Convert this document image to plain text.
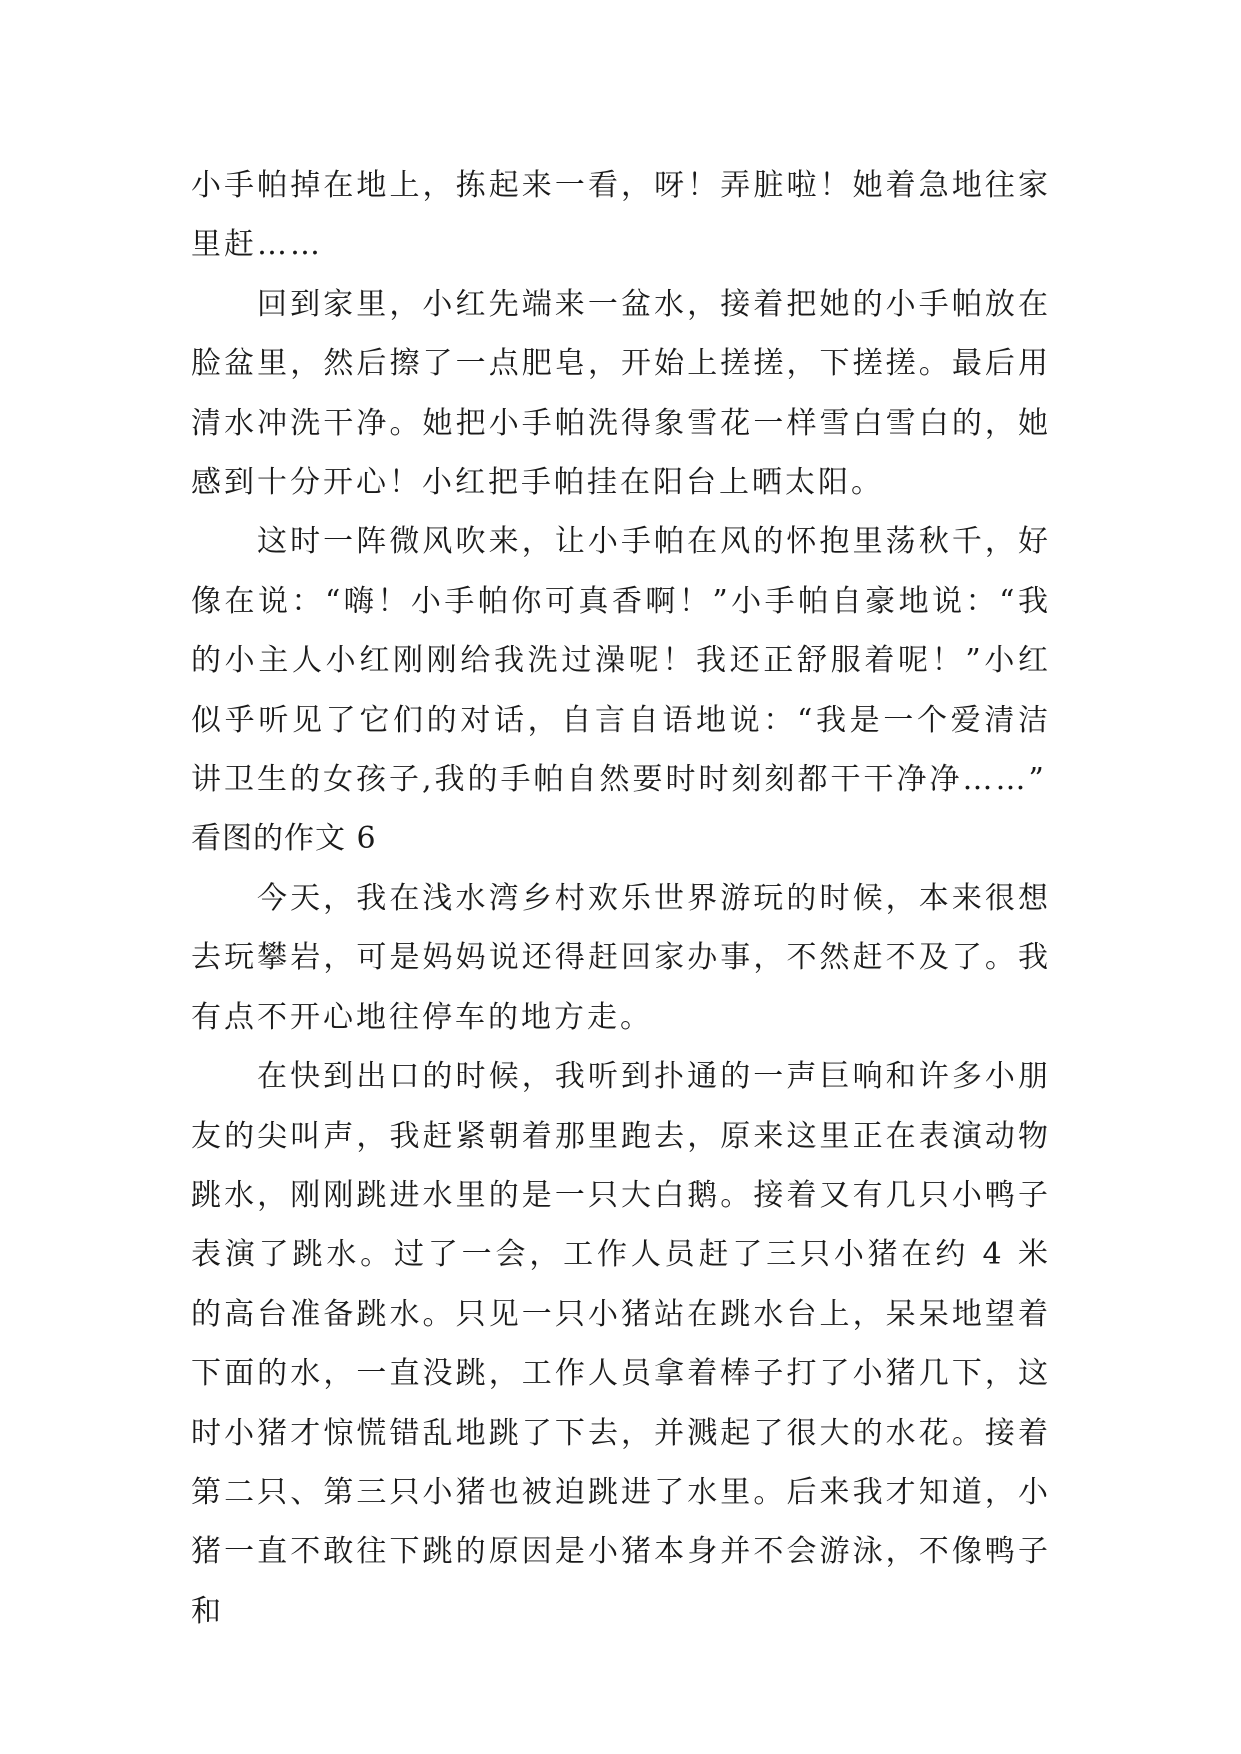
小手帕掉在地上，拣起来一看，呀！弄脏啦！她着急地往家里赶……

回到家里，小红先端来一盆水，接着把她的小手帕放在脸盆里，然后擦了一点肥皂，开始上搓搓，下搓搓。最后用清水冲洗干净。她把小手帕洗得象雪花一样雪白雪白的，她感到十分开心！小红把手帕挂在阳台上晒太阳。

这时一阵微风吹来，让小手帕在风的怀抱里荡秋千，好像在说：“嗨！小手帕你可真香啊！”小手帕自豪地说：“我的小主人小红刚刚给我洗过澡呢！我还正舒服着呢！”小红似乎听见了它们的对话，自言自语地说：“我是一个爱清洁讲卫生的女孩子,我的手帕自然要时时刻刻都干干净净……”

看图的作文 6

今天，我在浅水湾乡村欢乐世界游玩的时候，本来很想去玩攀岩，可是妈妈说还得赶回家办事，不然赶不及了。我有点不开心地往停车的地方走。

在快到出口的时候，我听到扑通的一声巨响和许多小朋友的尖叫声，我赶紧朝着那里跑去，原来这里正在表演动物跳水，刚刚跳进水里的是一只大白鹅。接着又有几只小鸭子表演了跳水。过了一会，工作人员赶了三只小猪在约 4 米的高台准备跳水。只见一只小猪站在跳水台上，呆呆地望着下面的水，一直没跳，工作人员拿着棒子打了小猪几下，这时小猪才惊慌错乱地跳了下去，并溅起了很大的水花。接着第二只、第三只小猪也被迫跳进了水里。后来我才知道，小猪一直不敢往下跳的原因是小猪本身并不会游泳，不像鸭子和
